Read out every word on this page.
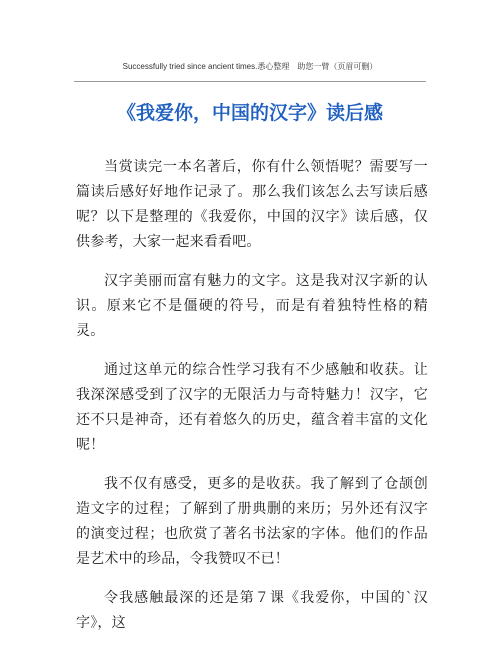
Successfully tried since ancient times.悉心整理　助您一臂（页眉可删）
《我爱你，中国的汉字》读后感

当赏读完一本名著后，你有什么领悟呢？需要写一篇读后感好好地作记录了。那么我们该怎么去写读后感呢？以下是整理的《我爱你，中国的汉字》读后感，仅供参考，大家一起来看看吧。

汉字美丽而富有魅力的文字。这是我对汉字新的认识。原来它不是僵硬的符号，而是有着独特性格的精灵。

通过这单元的综合性学习我有不少感触和收获。让我深深感受到了汉字的无限活力与奇特魅力！汉字，它还不只是神奇，还有着悠久的历史，蕴含着丰富的文化呢！

我不仅有感受，更多的是收获。我了解到了仓颉创造文字的过程；了解到了册典删的来历；另外还有汉字的演变过程；也欣赏了著名书法家的字体。他们的作品是艺术中的珍品，令我赞叹不已！

令我感触最深的还是第７课《我爱你，中国的`汉字》，这
